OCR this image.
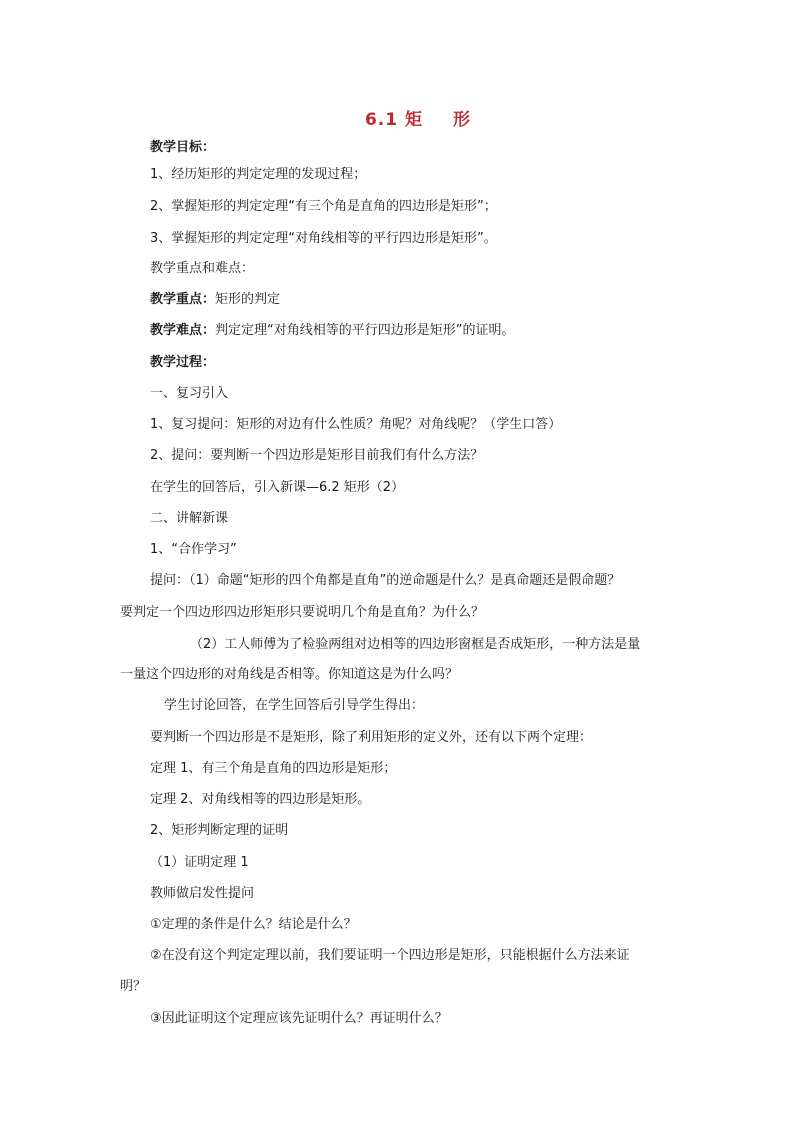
6.1 矩 形
教学目标：
1、经历矩形的判定定理的发现过程；
2、掌握矩形的判定定理“有三个角是直角的四边形是矩形”；
3、掌握矩形的判定定理“对角线相等的平行四边形是矩形”。
教学重点和难点：
教学重点：矩形的判定
教学难点：判定定理“对角线相等的平行四边形是矩形”的证明。
教学过程：
一、复习引入
1、复习提问：矩形的对边有什么性质？角呢？对角线呢？（学生口答）
2、提问：要判断一个四边形是矩形目前我们有什么方法？
在学生的回答后，引入新课—6.2 矩形（2）
二、讲解新课
1、“合作学习”
提问：（1）命题“矩形的四个角都是直角”的逆命题是什么？是真命题还是假命题？
要判定一个四边形四边形矩形只要说明几个角是直角？为什么？
（2）工人师傅为了检验两组对边相等的四边形窗框是否成矩形，一种方法是量
一量这个四边形的对角线是否相等。你知道这是为什么吗？
学生讨论回答，在学生回答后引导学生得出：
要判断一个四边形是不是矩形，除了利用矩形的定义外，还有以下两个定理：
定理 1、有三个角是直角的四边形是矩形；
定理 2、对角线相等的四边形是矩形。
2、矩形判断定理的证明
（1）证明定理 1
教师做启发性提问
①定理的条件是什么？结论是什么？
②在没有这个判定定理以前，我们要证明一个四边形是矩形，只能根据什么方法来证
明？
③因此证明这个定理应该先证明什么？再证明什么？
